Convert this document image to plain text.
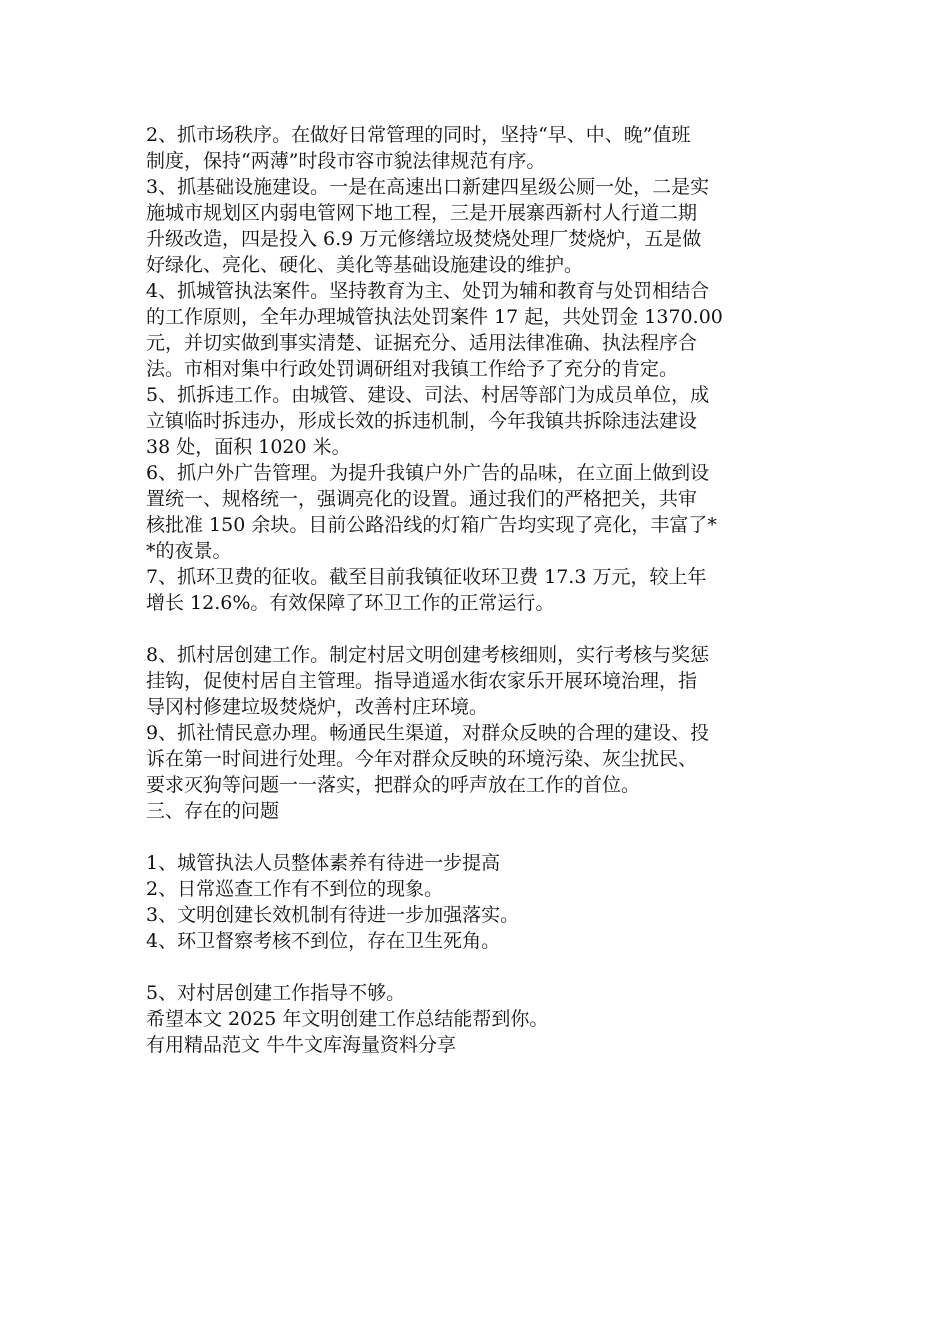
2、抓市场秩序。在做好日常管理的同时，坚持“早、中、晚”值班
制度，保持“两薄”时段市容市貌法律规范有序。
3、抓基础设施建设。一是在高速出口新建四星级公厕一处，二是实
施城市规划区内弱电管网下地工程，三是开展寨西新村人行道二期
升级改造，四是投入 6.9 万元修缮垃圾焚烧处理厂焚烧炉，五是做
好绿化、亮化、硬化、美化等基础设施建设的维护。
4、抓城管执法案件。坚持教育为主、处罚为辅和教育与处罚相结合
的工作原则，全年办理城管执法处罚案件 17 起，共处罚金 1370.00
元，并切实做到事实清楚、证据充分、适用法律准确、执法程序合
法。市相对集中行政处罚调研组对我镇工作给予了充分的肯定。
5、抓拆违工作。由城管、建设、司法、村居等部门为成员单位，成
立镇临时拆违办，形成长效的拆违机制，今年我镇共拆除违法建设
38 处，面积 1020 米。
6、抓户外广告管理。为提升我镇户外广告的品味，在立面上做到设
置统一、规格统一，强调亮化的设置。通过我们的严格把关，共审
核批准 150 余块。目前公路沿线的灯箱广告均实现了亮化，丰富了*
*的夜景。
7、抓环卫费的征收。截至目前我镇征收环卫费 17.3 万元，较上年
增长 12.6%。有效保障了环卫工作的正常运行。
8、抓村居创建工作。制定村居文明创建考核细则，实行考核与奖惩
挂钩，促使村居自主管理。指导逍遥水街农家乐开展环境治理，指
导冈村修建垃圾焚烧炉，改善村庄环境。
9、抓社情民意办理。畅通民生渠道，对群众反映的合理的建设、投
诉在第一时间进行处理。今年对群众反映的环境污染、灰尘扰民、
要求灭狗等问题一一落实，把群众的呼声放在工作的首位。
三、存在的问题
1、城管执法人员整体素养有待进一步提高
2、日常巡查工作有不到位的现象。
3、文明创建长效机制有待进一步加强落实。
4、环卫督察考核不到位，存在卫生死角。
5、对村居创建工作指导不够。
希望本文 2025 年文明创建工作总结能帮到你。
有用精品范文 牛牛文库海量资料分享
